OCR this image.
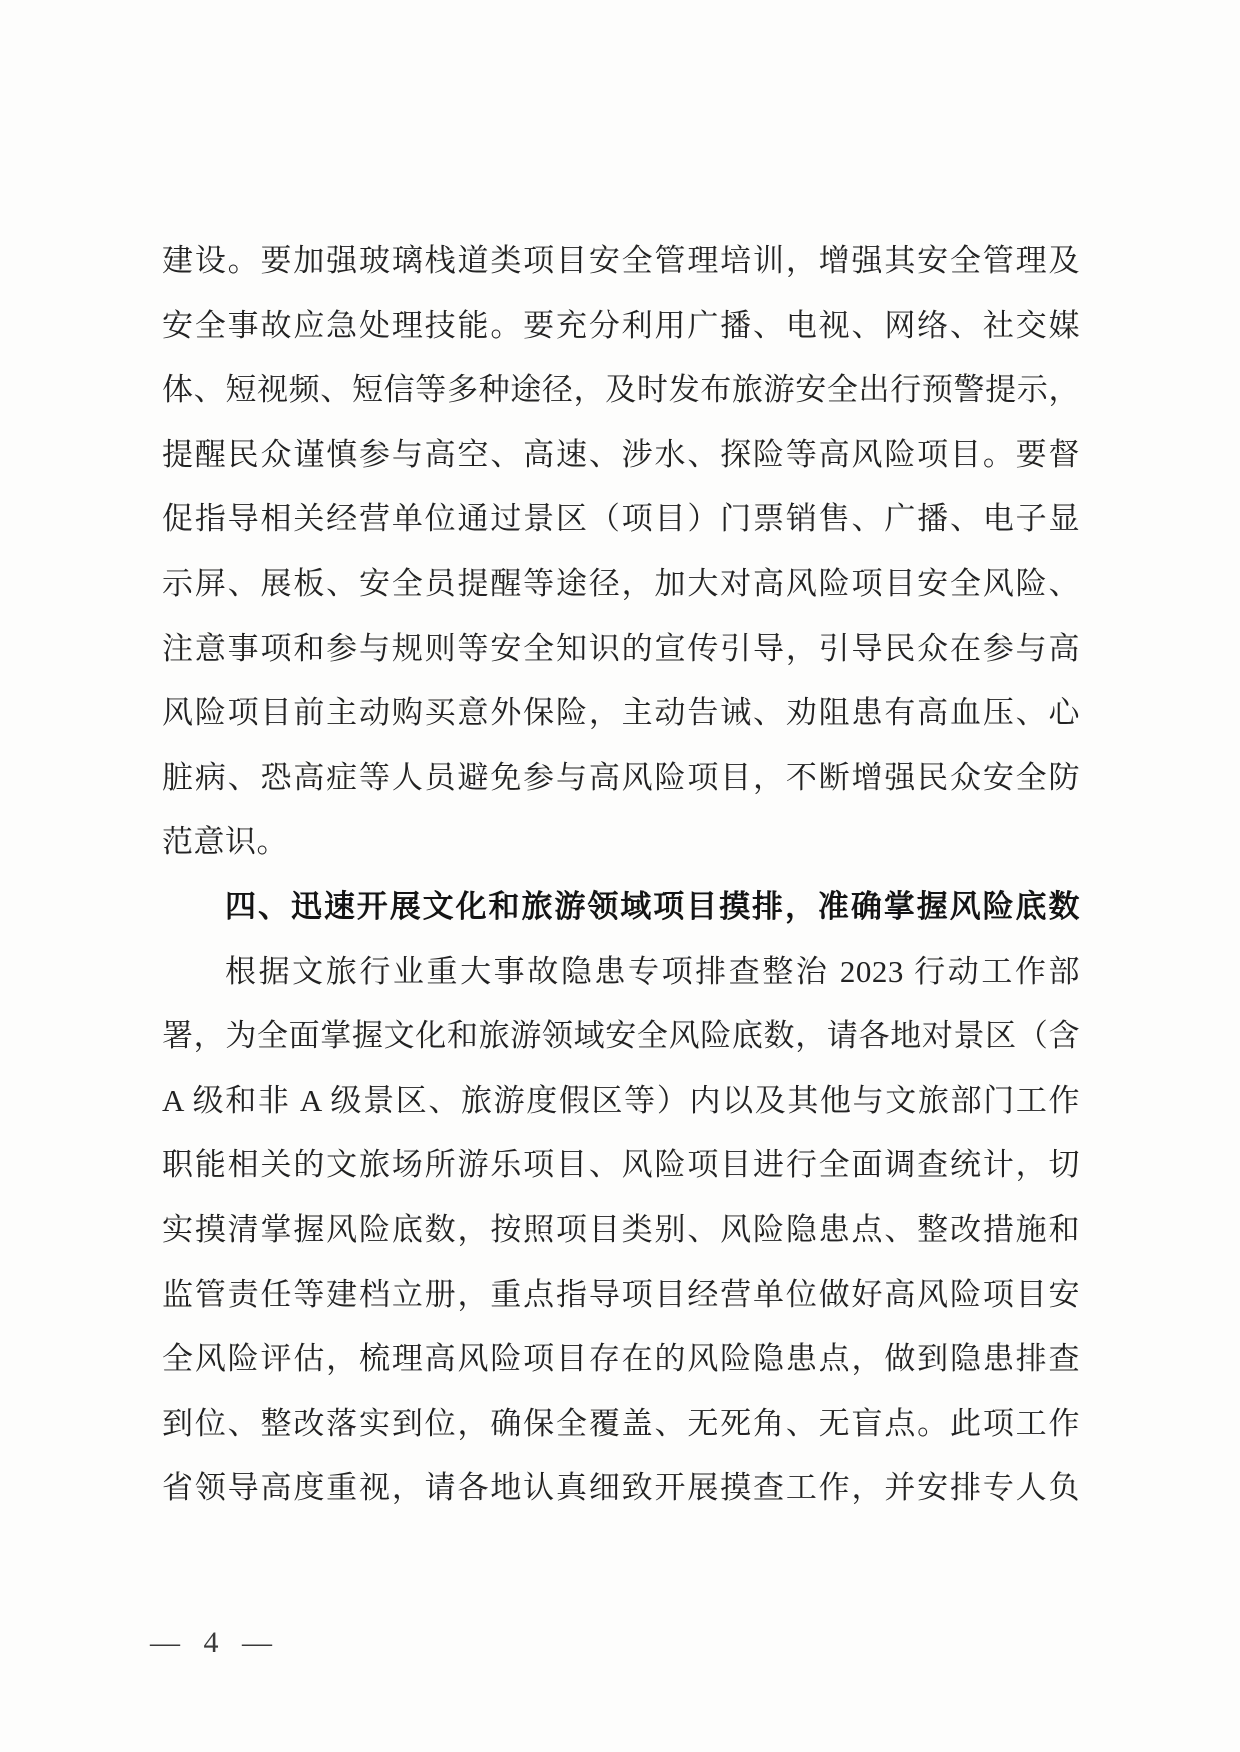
建设。要加强玻璃栈道类项目安全管理培训，增强其安全管理及
安全事故应急处理技能。要充分利用广播、电视、网络、社交媒
体、短视频、短信等多种途径，及时发布旅游安全出行预警提示，
提醒民众谨慎参与高空、高速、涉水、探险等高风险项目。要督
促指导相关经营单位通过景区（项目）门票销售、广播、电子显
示屏、展板、安全员提醒等途径，加大对高风险项目安全风险、
注意事项和参与规则等安全知识的宣传引导，引导民众在参与高
风险项目前主动购买意外保险，主动告诫、劝阻患有高血压、心
脏病、恐高症等人员避免参与高风险项目，不断增强民众安全防
范意识。
四、迅速开展文化和旅游领域项目摸排，准确掌握风险底数
根据文旅行业重大事故隐患专项排查整治 2023 行动工作部
署，为全面掌握文化和旅游领域安全风险底数，请各地对景区（含
A 级和非 A 级景区、旅游度假区等）内以及其他与文旅部门工作
职能相关的文旅场所游乐项目、风险项目进行全面调查统计，切
实摸清掌握风险底数，按照项目类别、风险隐患点、整改措施和
监管责任等建档立册，重点指导项目经营单位做好高风险项目安
全风险评估，梳理高风险项目存在的风险隐患点，做到隐患排查
到位、整改落实到位，确保全覆盖、无死角、无盲点。此项工作
省领导高度重视，请各地认真细致开展摸查工作，并安排专人负
— 4 —
